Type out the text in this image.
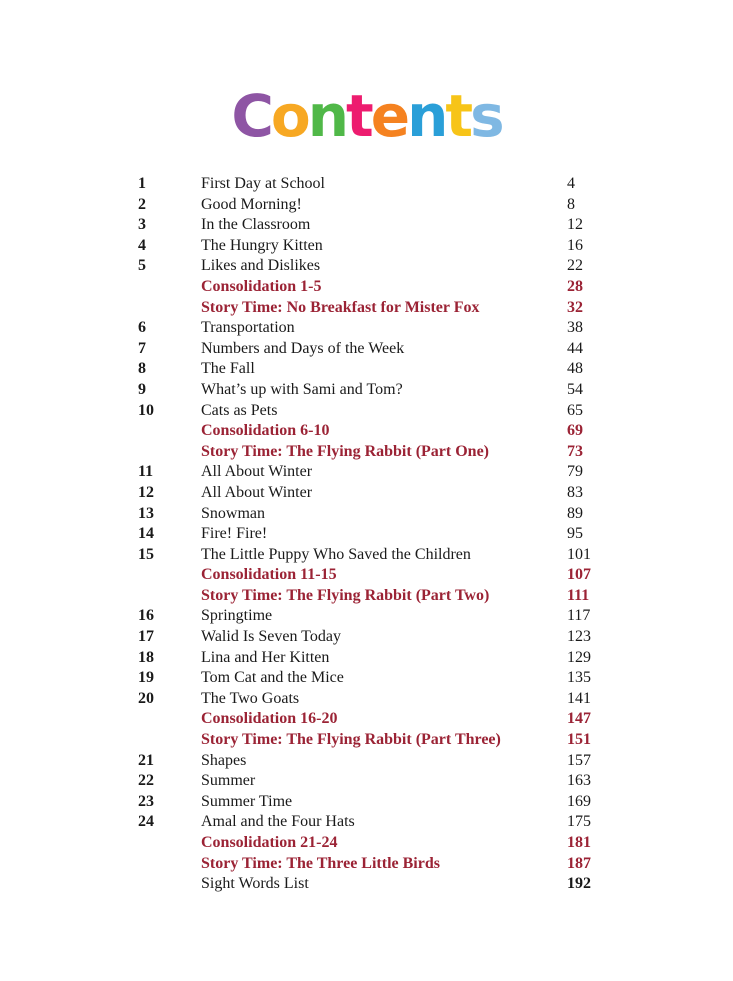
Contents
1	First Day at School	4
2	Good Morning!	8
3	In the Classroom	12
4	The Hungry Kitten	16
5	Likes and Dislikes	22
Consolidation 1-5	28
Story Time: No Breakfast for Mister Fox	32
6	Transportation	38
7	Numbers and Days of the Week	44
8	The Fall	48
9	What’s up with Sami and Tom?	54
10	Cats as Pets	65
Consolidation 6-10	69
Story Time: The Flying Rabbit (Part One)	73
11	All About Winter	79
12	All About Winter	83
13	Snowman	89
14	Fire! Fire!	95
15	The Little Puppy Who Saved the Children	101
Consolidation 11-15	107
Story Time: The Flying Rabbit (Part Two)	111
16	Springtime	117
17	Walid Is Seven Today	123
18	Lina and Her Kitten	129
19	Tom Cat and the Mice	135
20	The Two Goats	141
Consolidation 16-20	147
Story Time: The Flying Rabbit (Part Three)	151
21	Shapes	157
22	Summer	163
23	Summer Time	169
24	Amal and the Four Hats	175
Consolidation 21-24	181
Story Time: The Three Little Birds	187
Sight Words List	192
